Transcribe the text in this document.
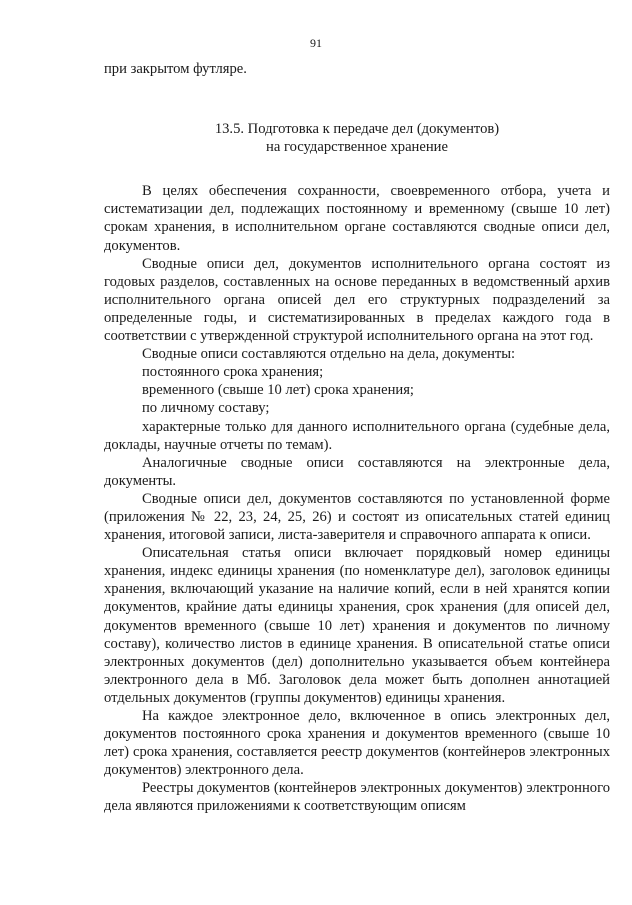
91
при закрытом футляре.
13.5. Подготовка к передаче дел (документов)
на государственное хранение

В целях обеспечения сохранности, своевременного отбора, учета и систематизации дел, подлежащих постоянному и временному (свыше 10 лет) срокам хранения, в исполнительном органе составляются сводные описи дел, документов.

Сводные описи дел, документов исполнительного органа состоят из годовых разделов, составленных на основе переданных в ведомственный архив исполнительного органа описей дел его структурных подразделений за определенные годы, и систематизированных в пределах каждого года в соответствии с утвержденной структурой исполнительного органа на этот год.

Сводные описи составляются отдельно на дела, документы:

постоянного срока хранения;

временного (свыше 10 лет) срока хранения;

по личному составу;

характерные только для данного исполнительного органа (судебные дела, доклады, научные отчеты по темам).

Аналогичные сводные описи составляются на электронные дела, документы.

Сводные описи дел, документов составляются по установленной форме (приложения № 22, 23, 24, 25, 26) и состоят из описательных статей единиц хранения, итоговой записи, листа-заверителя и справочного аппарата к описи.

Описательная статья описи включает порядковый номер единицы хранения, индекс единицы хранения (по номенклатуре дел), заголовок единицы хранения, включающий указание на наличие копий, если в ней хранятся копии документов, крайние даты единицы хранения, срок хранения (для описей дел, документов временного (свыше 10 лет) хранения и документов по личному составу), количество листов в единице хранения. В описательной статье описи электронных документов (дел) дополнительно указывается объем контейнера электронного дела в Мб. Заголовок дела может быть дополнен аннотацией отдельных документов (группы документов) единицы хранения.

На каждое электронное дело, включенное в опись электронных дел, документов постоянного срока хранения и документов временного (свыше 10 лет) срока хранения, составляется реестр документов (контейнеров электронных документов) электронного дела.

Реестры документов (контейнеров электронных документов) электронного дела являются приложениями к соответствующим описям
